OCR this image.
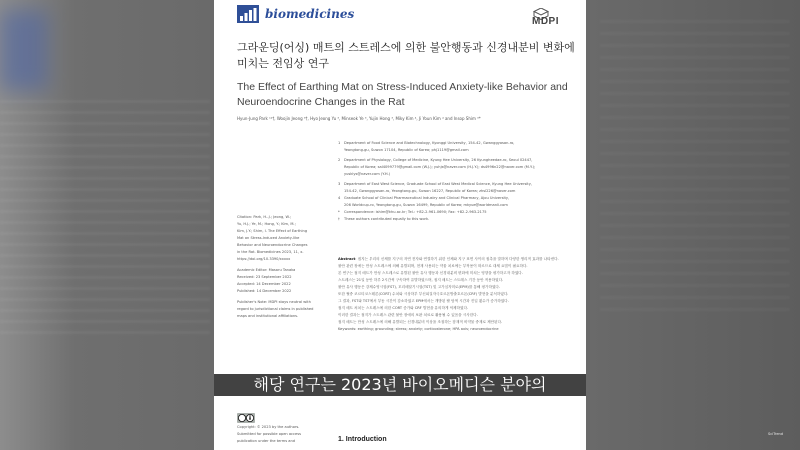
biomedicines
MDPI
그라운딩(어싱) 매트의 스트레스에 의한 불안행동과 신경내분비 변화에 미치는 전임상 연구
The Effect of Earthing Mat on Stress-Induced Anxiety-like Behavior and Neuroendocrine Changes in the Rat
Hyun-Jung Park ¹²†, Woojin Jeong ³†, Hyo Jeong Yu ³, Minseok Ye ³, Yujin Hong ³, Miky Kim ⁴, Ji Youn Kim ⁴ and Insop Shim ³*
1 Department of Food Science and Biotechnology, Kyonggi University, 154-42, Gwanggyosan-ro,
Yeongtong-gu, Suwon 17104, Republic of Korea; phj1119@gmail.com
2 Department of Physiology, College of Medicine, Kyung Hee University, 26 Kyungheedae-ro, Seoul 02447,
Republic of Korea; sal4099779@gmail.com (W.J.); yuhjs@naver.com (H.J.Y.); ds4996n22@naver.com (M.Y.);
yusklys@naver.com (Y.H.)
3 Department of East West Science, Graduate School of East West Medical Science, Kyung Hee University,
154-42, Gwanggyosan-ro, Yeongtong-gu, Suwon 16227, Republic of Korea; zhsl226@naver.com
4 Graduate School of Clinical Pharmaceutical Industry and Clinical Pharmacy, Ajou University,
206 Worldcup-ro, Yeongtong-gu, Suwon 16499, Republic of Korea; mkyue@worldmanli.com
* Correspondence: ishim@khu.ac.kr; Tel.: +82-2-961-0690; Fax: +82-2-963-2175
† These authors contributed equally to this work.
Citation: Park, H.-J.; Jeong, W.;
Yu, H.J.; Ye, M.; Hong, Y.; Kim, M.;
Kim, J.Y.; Shim, I. The Effect of Earthing
Mat on Stress-Induced Anxiety-like
Behavior and Neuroendocrine Changes
in the Rat. Biomedicines 2023, 11, x.
https://doi.org/10.3390/xxxxx
Academic Editor: Masaru Tanaka
Received: 23 September 2022
Accepted: 14 December 2022
Published: 14 December 2022
Publisher's Note: MDPI stays neutral with
regard to jurisdictional claims in published
maps and institutional affiliations.
Abstract: 접지는 우리의 신체를 지구의 자연 전자와 연결하기 위한 인체와 지구 표면 사이의 접촉을 말하며 다양한 생리적 효과를 나타낸다.
불안 관련 장애는 만성 스트레스에 의해 유발되며, 현재 사용되는 약물 치료에는 부작용이 따르므로 대체 요법이 필요하다.
본 연구는 접지 매트가 만성 스트레스로 유발된 불안 유사 행동과 신경내분비 변화에 미치는 영향을 평가하고자 하였다.
스트레스는 21일 동안 하루 2시간씩 구속하여 유발하였으며, 접지 매트는 스트레스 기간 동안 적용하였다.
불안 유사 행동은 강제수영시험(FST), 꼬리매달기시험(TST) 및 고가십자미로(EPM)를 통해 평가하였다.
또한 혈중 코르티코스테론(CORT) 수치와 시상하부 부신피질자극호르몬방출호르몬(CRF) 발현을 분석하였다.
그 결과, FST와 TST에서 부동 시간이 감소하였고 EPM에서는 개방된 팔 탐색 시간과 진입 횟수가 증가하였다.
접지 매트 처치는 스트레스에 의한 CORT 증가와 CRF 발현을 유의하게 억제하였다.
이러한 결과는 접지가 스트레스 관련 불안 장애의 보완 치료로 활용될 수 있음을 시사한다.
접지 매트는 만성 스트레스에 의해 유발되는 신경내분비 이상을 조절하는 잠재적 비약물 중재로 제안된다.
Keywords: earthing; grounding; stress; anxiety; corticosterone; HPA axis; neuroendocrine
Copyright: © 2023 by the authors.
Submitted for possible open access
publication under the terms and	1. Introduction
해당 연구는 2023년 바이오메디슨 분야의
SciTrend
